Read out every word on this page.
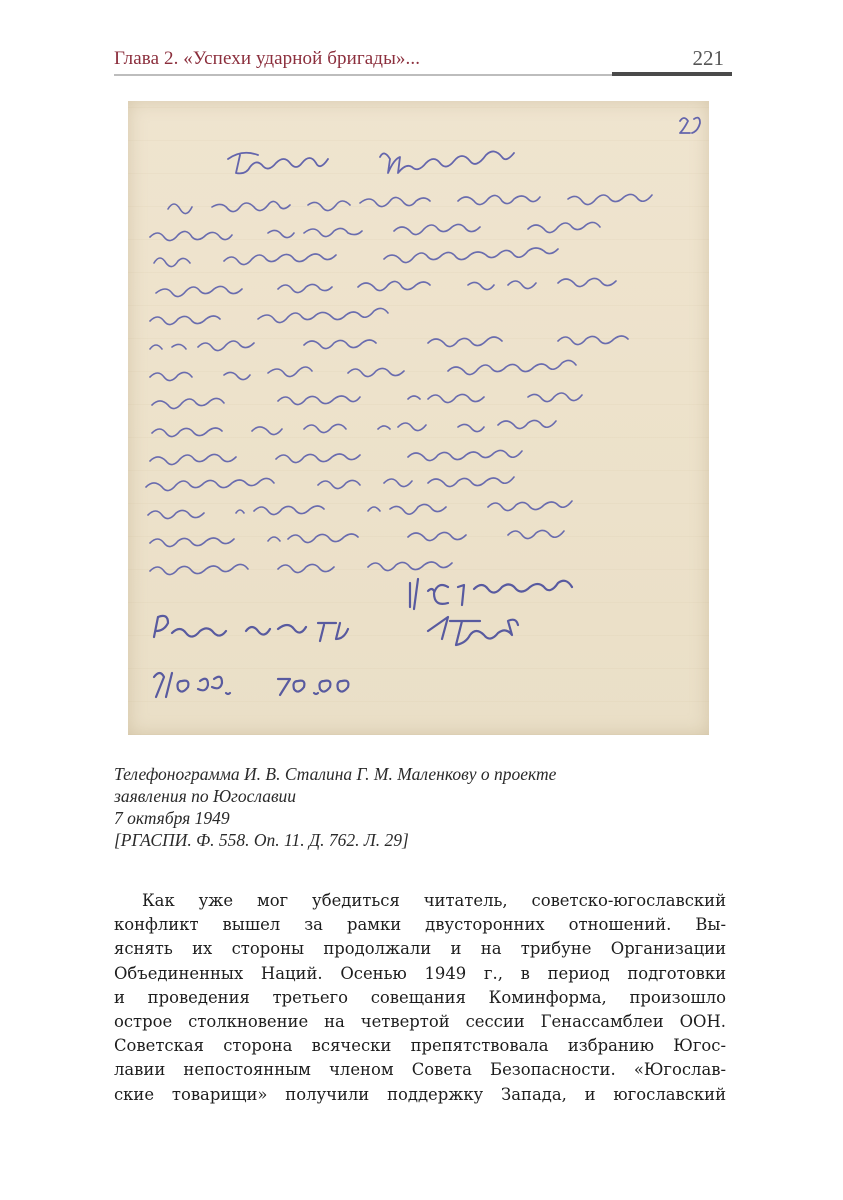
Глава 2. «Успехи ударной бригады»...	221
Телефонограмма И. В. Сталина Г. М. Маленкову о проекте
заявления по Югославии
7 октября 1949
[РГАСПИ. Ф. 558. Оп. 11. Д. 762. Л. 29]
Как уже мог убедиться читатель, советско-югославский
конфликт вышел за рамки двусторонних отношений. Вы-
яснять их стороны продолжали и на трибуне Организации
Объединенных Наций. Осенью 1949 г., в период подготовки
и проведения третьего совещания Коминформа, произошло
острое столкновение на четвертой сессии Генассамблеи ООН.
Советская сторона всячески препятствовала избранию Югос-
лавии непостоянным членом Совета Безопасности. «Югослав-
ские товарищи» получили поддержку Запада, и югославский
